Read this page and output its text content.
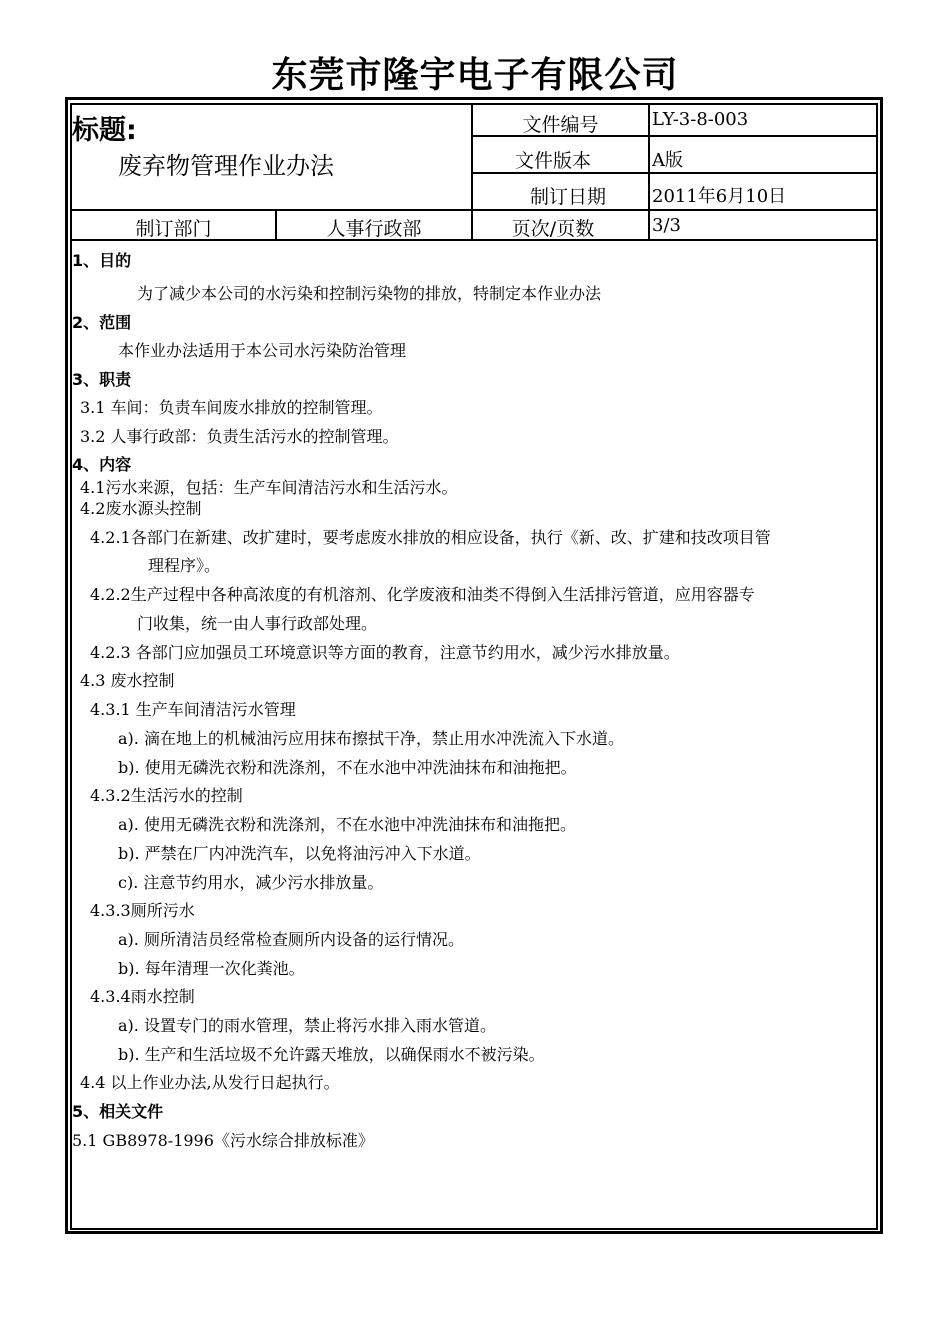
东莞市隆宇电子有限公司
标题:
废弃物管理作业办法
文件编号	LY-3-8-003
文件版本	A版
制订日期	2011年6月10日
制订部门	人事行政部	页次/页数	3/3
1、目的
为了减少本公司的水污染和控制污染物的排放，特制定本作业办法
2、范围
本作业办法适用于本公司水污染防治管理
3、职责
3.1 车间：负责车间废水排放的控制管理。
3.2 人事行政部：负责生活污水的控制管理。
4、内容
4.1污水来源，包括：生产车间清洁污水和生活污水。
4.2废水源头控制
4.2.1各部门在新建、改扩建时，要考虑废水排放的相应设备，执行《新、改、扩建和技改项目管
理程序》。
4.2.2生产过程中各种高浓度的有机溶剂、化学废液和油类不得倒入生活排污管道，应用容器专
门收集，统一由人事行政部处理。
4.2.3 各部门应加强员工环境意识等方面的教育，注意节约用水，减少污水排放量。
4.3 废水控制
4.3.1 生产车间清洁污水管理
a). 滴在地上的机械油污应用抹布擦拭干净，禁止用水冲洗流入下水道。
b). 使用无磷洗衣粉和洗涤剂，不在水池中冲洗油抹布和油拖把。
4.3.2生活污水的控制
a). 使用无磷洗衣粉和洗涤剂，不在水池中冲洗油抹布和油拖把。
b). 严禁在厂内冲洗汽车，以免将油污冲入下水道。
c). 注意节约用水，减少污水排放量。
4.3.3厕所污水
a). 厕所清洁员经常检查厕所内设备的运行情况。
b). 每年清理一次化粪池。
4.3.4雨水控制
a). 设置专门的雨水管理，禁止将污水排入雨水管道。
b). 生产和生活垃圾不允许露天堆放，以确保雨水不被污染。
4.4 以上作业办法,从发行日起执行。
5、相关文件
5.1 GB8978-1996《污水综合排放标准》
